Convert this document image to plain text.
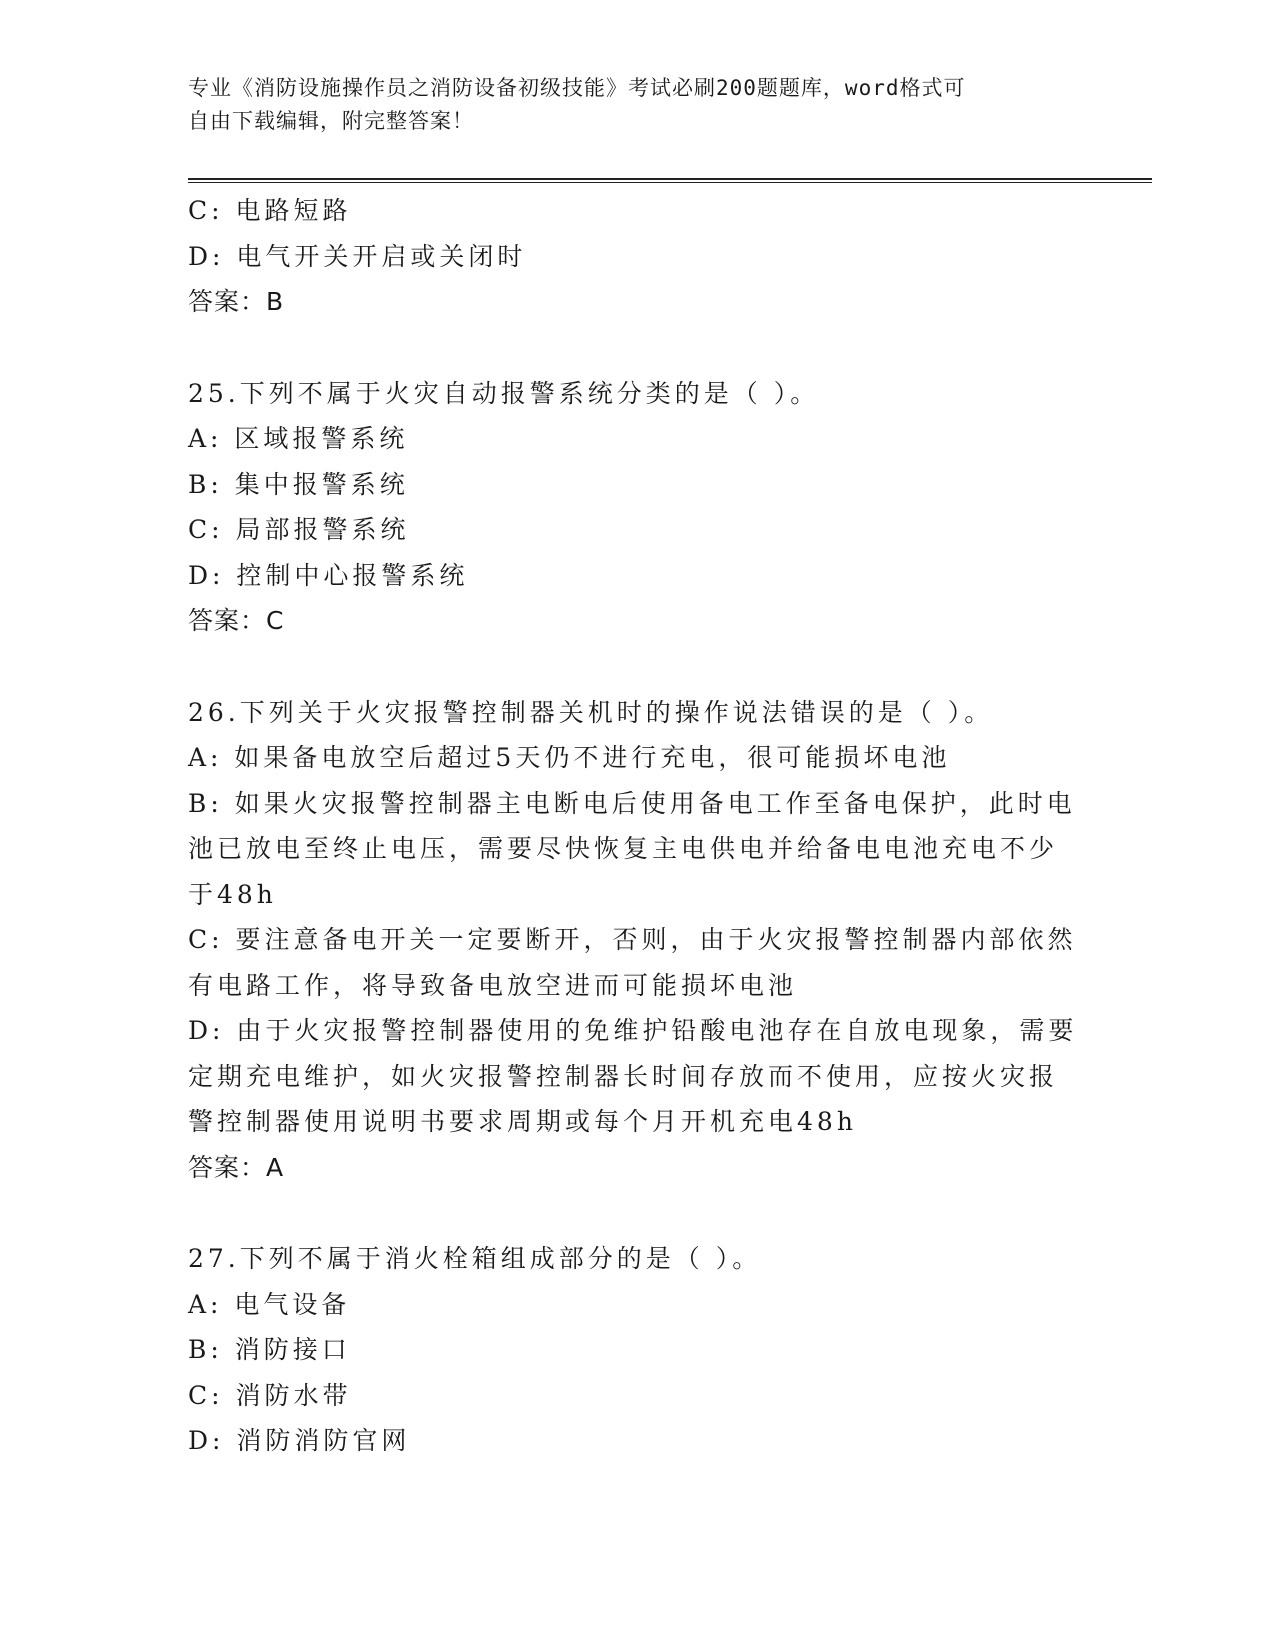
专业《消防设施操作员之消防设备初级技能》考试必刷200题题库，word格式可
自由下载编辑，附完整答案！
C: 电路短路
D: 电气开关开启或关闭时
答案：B
25.下列不属于火灾自动报警系统分类的是（ ）。
A: 区域报警系统
B: 集中报警系统
C: 局部报警系统
D: 控制中心报警系统
答案：C
26.下列关于火灾报警控制器关机时的操作说法错误的是（ ）。
A: 如果备电放空后超过5天仍不进行充电，很可能损坏电池
B: 如果火灾报警控制器主电断电后使用备电工作至备电保护，此时电
池已放电至终止电压，需要尽快恢复主电供电并给备电电池充电不少
于48h
C: 要注意备电开关一定要断开，否则，由于火灾报警控制器内部依然
有电路工作，将导致备电放空进而可能损坏电池
D: 由于火灾报警控制器使用的免维护铅酸电池存在自放电现象，需要
定期充电维护，如火灾报警控制器长时间存放而不使用，应按火灾报
警控制器使用说明书要求周期或每个月开机充电48h
答案：A
27.下列不属于消火栓箱组成部分的是（ ）。
A: 电气设备
B: 消防接口
C: 消防水带
D: 消防消防官网
